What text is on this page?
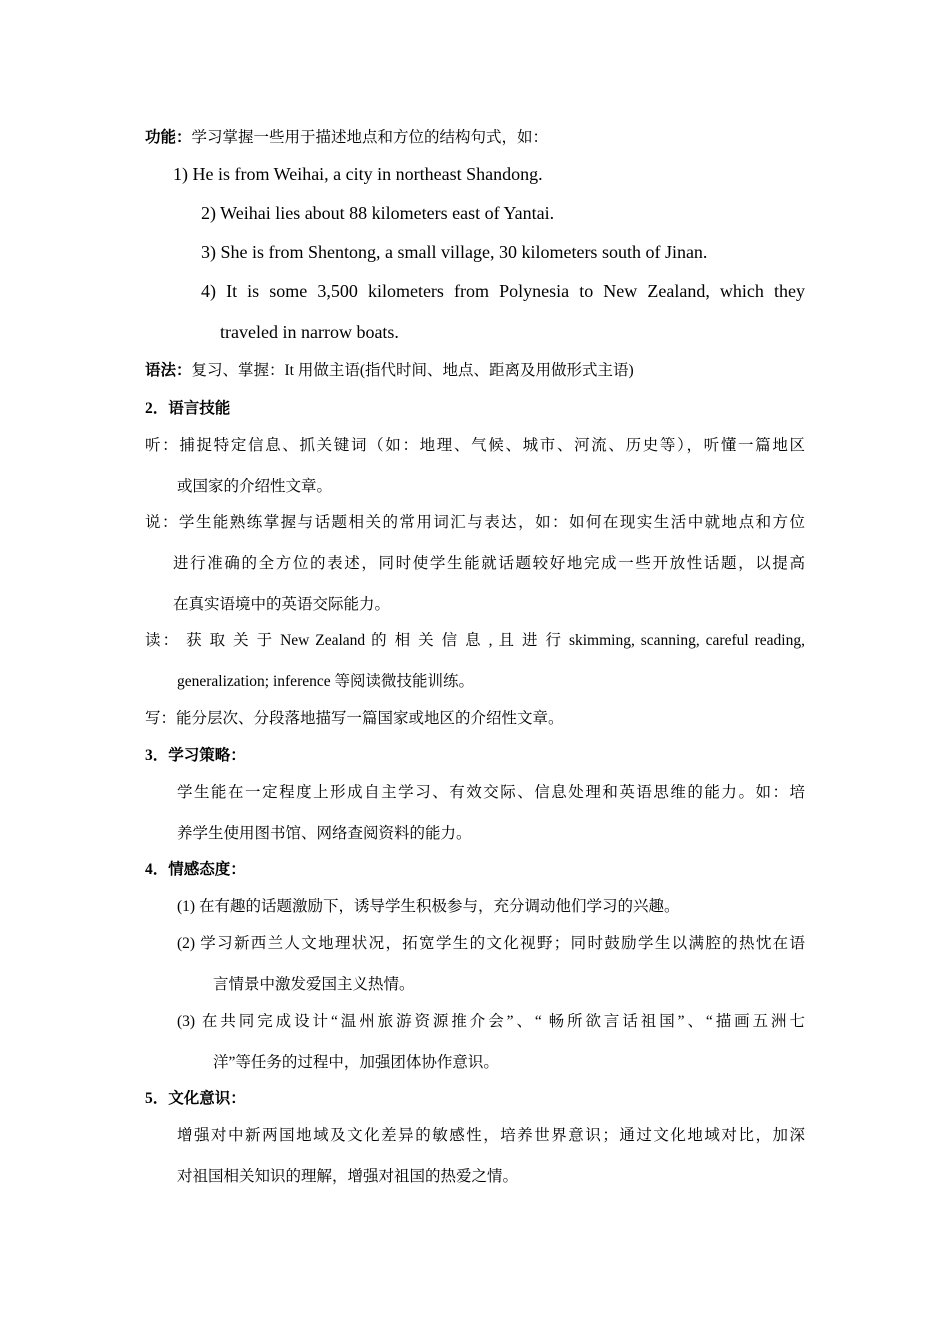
功能：学习掌握一些用于描述地点和方位的结构句式，如：
1) He is from Weihai, a city in northeast Shandong.
2) Weihai lies about 88 kilometers east of Yantai.
3) She is from Shentong, a small village, 30 kilometers south of Jinan.
4) It is some 3,500 kilometers from Polynesia to New Zealand, which they
traveled in narrow boats.
语法：复习、掌握：It 用做主语(指代时间、地点、距离及用做形式主语)
2．语言技能
听：捕捉特定信息、抓关键词（如：地理、气候、城市、河流、历史等），听懂一篇地区
或国家的介绍性文章。
说：学生能熟练掌握与话题相关的常用词汇与表达，如：如何在现实生活中就地点和方位
进行准确的全方位的表述，同时使学生能就话题较好地完成一些开放性话题，以提高
在真实语境中的英语交际能力。
读： 获 取 关 于 New Zealand 的 相 关 信 息 , 且 进 行 skimming, scanning, careful reading,
generalization; inference 等阅读微技能训练。
写：能分层次、分段落地描写一篇国家或地区的介绍性文章。
3．学习策略：
学生能在一定程度上形成自主学习、有效交际、信息处理和英语思维的能力。如：培
养学生使用图书馆、网络查阅资料的能力。
4．情感态度：
(1) 在有趣的话题激励下，诱导学生积极参与，充分调动他们学习的兴趣。
(2) 学习新西兰人文地理状况，拓宽学生的文化视野；同时鼓励学生以满腔的热忱在语
言情景中激发爱国主义热情。
(3) 在共同完成设计“温州旅游资源推介会”、“ 畅所欲言话祖国”、“描画五洲七
洋”等任务的过程中，加强团体协作意识。
5．文化意识：
增强对中新两国地域及文化差异的敏感性，培养世界意识；通过文化地域对比，加深
对祖国相关知识的理解，增强对祖国的热爱之情。
